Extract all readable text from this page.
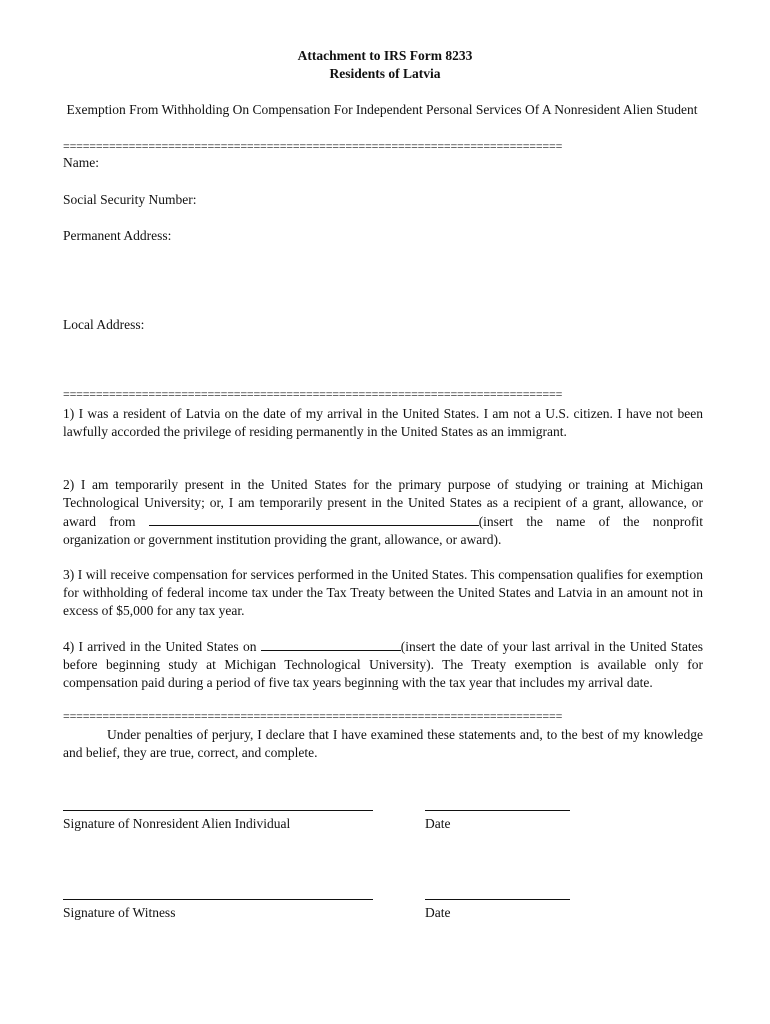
Attachment to IRS Form 8233
Residents of Latvia
Exemption From Withholding On Compensation For Independent Personal Services Of A Nonresident Alien Student
============================================================================
Name:
Social Security Number:
Permanent Address:
Local Address:
============================================================================
1) I was a resident of Latvia on the date of my arrival in the United States. I am not a U.S. citizen. I have not been lawfully accorded the privilege of residing permanently in the United States as an immigrant.
2) I am temporarily present in the United States for the primary purpose of studying or training at Michigan Technological University; or, I am temporarily present in the United States as a recipient of a grant, allowance, or award from	(insert the name of the nonprofit organization or government institution providing the grant, allowance, or award).
3) I will receive compensation for services performed in the United States. This compensation qualifies for exemption for withholding of federal income tax under the Tax Treaty between the United States and Latvia in an amount not in excess of $5,000 for any tax year.
4) I arrived in the United States on	(insert the date of your last arrival in the United States before beginning study at Michigan Technological University). The Treaty exemption is available only for compensation paid during a period of five tax years beginning with the tax year that includes my arrival date.
============================================================================
Under penalties of perjury, I declare that I have examined these statements and, to the best of my knowledge and belief, they are true, correct, and complete.
Signature of Nonresident Alien Individual	Date
Signature of Witness	Date
